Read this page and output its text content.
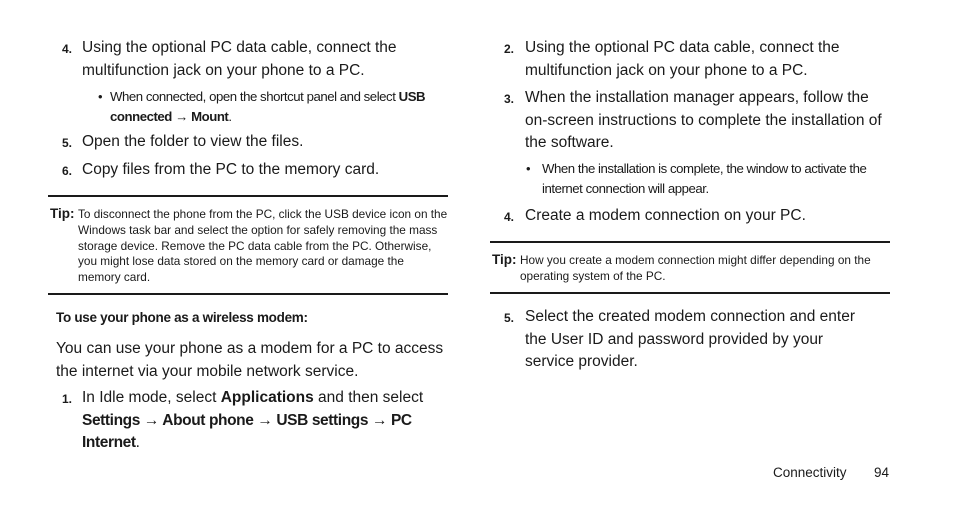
4. Using the optional PC data cable, connect the multifunction jack on your phone to a PC.
• When connected, open the shortcut panel and select USB connected → Mount.
5. Open the folder to view the files.
6. Copy files from the PC to the memory card.
Tip: To disconnect the phone from the PC, click the USB device icon on the Windows task bar and select the option for safely removing the mass storage device. Remove the PC data cable from the PC. Otherwise, you might lose data stored on the memory card or damage the memory card.
To use your phone as a wireless modem:
You can use your phone as a modem for a PC to access the internet via your mobile network service.
1. In Idle mode, select Applications and then select
Settings → About phone → USB settings → PC Internet.
2. Using the optional PC data cable, connect the multifunction jack on your phone to a PC.
3. When the installation manager appears, follow the on-screen instructions to complete the installation of the software.
• When the installation is complete, the window to activate the internet connection will appear.
4. Create a modem connection on your PC.
Tip: How you create a modem connection might differ depending on the operating system of the PC.
5. Select the created modem connection and enter the User ID and password provided by your service provider.
Connectivity 94
